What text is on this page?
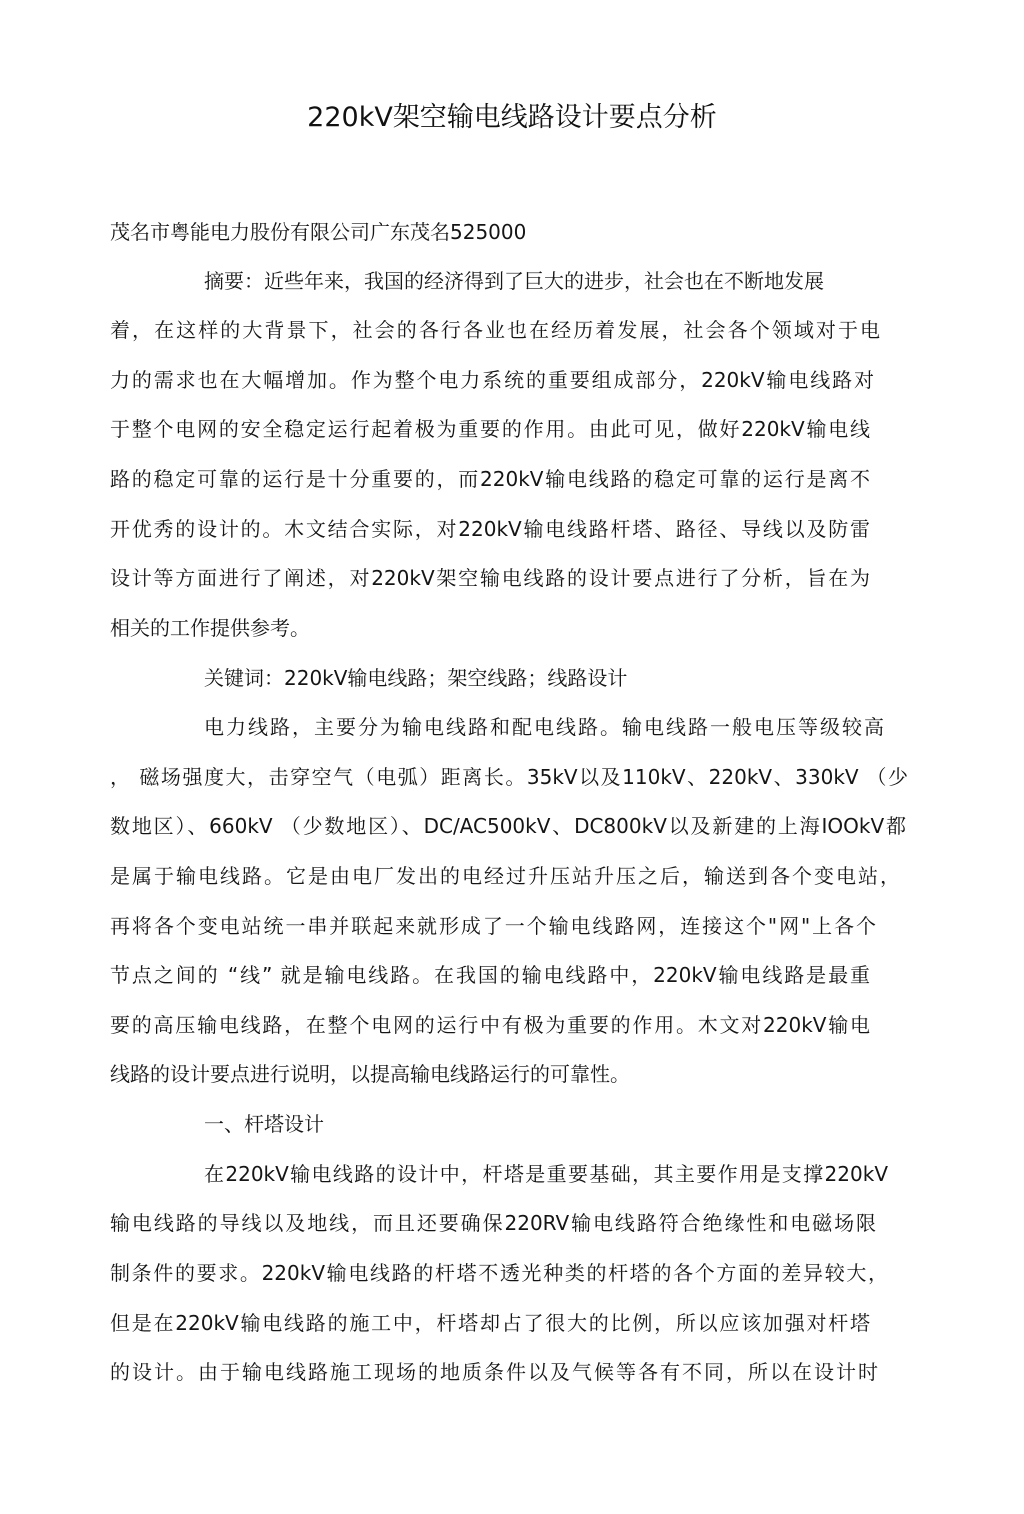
220kV架空输电线路设计要点分析
茂名市粤能电力股份有限公司广东茂名525000
摘要：近些年来，我国的经济得到了巨大的进步，社会也在不断地发展
着，在这样的大背景下，社会的各行各业也在经历着发展，社会各个领域对于电
力的需求也在大幅增加。作为整个电力系统的重要组成部分，220kV输电线路对
于整个电网的安全稳定运行起着极为重要的作用。由此可见，做好220kV输电线
路的稳定可靠的运行是十分重要的，而220kV输电线路的稳定可靠的运行是离不
开优秀的设计的。木文结合实际，对220kV输电线路杆塔、路径、导线以及防雷
设计等方面进行了阐述，对220kV架空输电线路的设计要点进行了分析，旨在为
相关的工作提供参考。
关键词：220kV输电线路；架空线路；线路设计
电力线路，主要分为输电线路和配电线路。输电线路一般电压等级较高
， 磁场强度大，击穿空气（电弧）距离长。35kV以及110kV、220kV、330kV （少
数地区）、660kV （少数地区）、DC/AC500kV、DC800kV以及新建的上海IOOkV都
是属于输电线路。它是由电厂发出的电经过升压站升压之后，输送到各个变电站，
再将各个变电站统一串并联起来就形成了一个输电线路网，连接这个"网"上各个
节点之间的 “线” 就是输电线路。在我国的输电线路中，220kV输电线路是最重
要的高压输电线路，在整个电网的运行中有极为重要的作用。木文对220kV输电
线路的设计要点进行说明，以提高输电线路运行的可靠性。
一、杆塔设计
在220kV输电线路的设计中，杆塔是重要基础，其主要作用是支撑220kV
输电线路的导线以及地线，而且还要确保220RV输电线路符合绝缘性和电磁场限
制条件的要求。220kV输电线路的杆塔不透光种类的杆塔的各个方面的差异较大，
但是在220kV输电线路的施工中，杆塔却占了很大的比例，所以应该加强对杆塔
的设计。由于输电线路施工现场的地质条件以及气候等各有不同，所以在设计时
